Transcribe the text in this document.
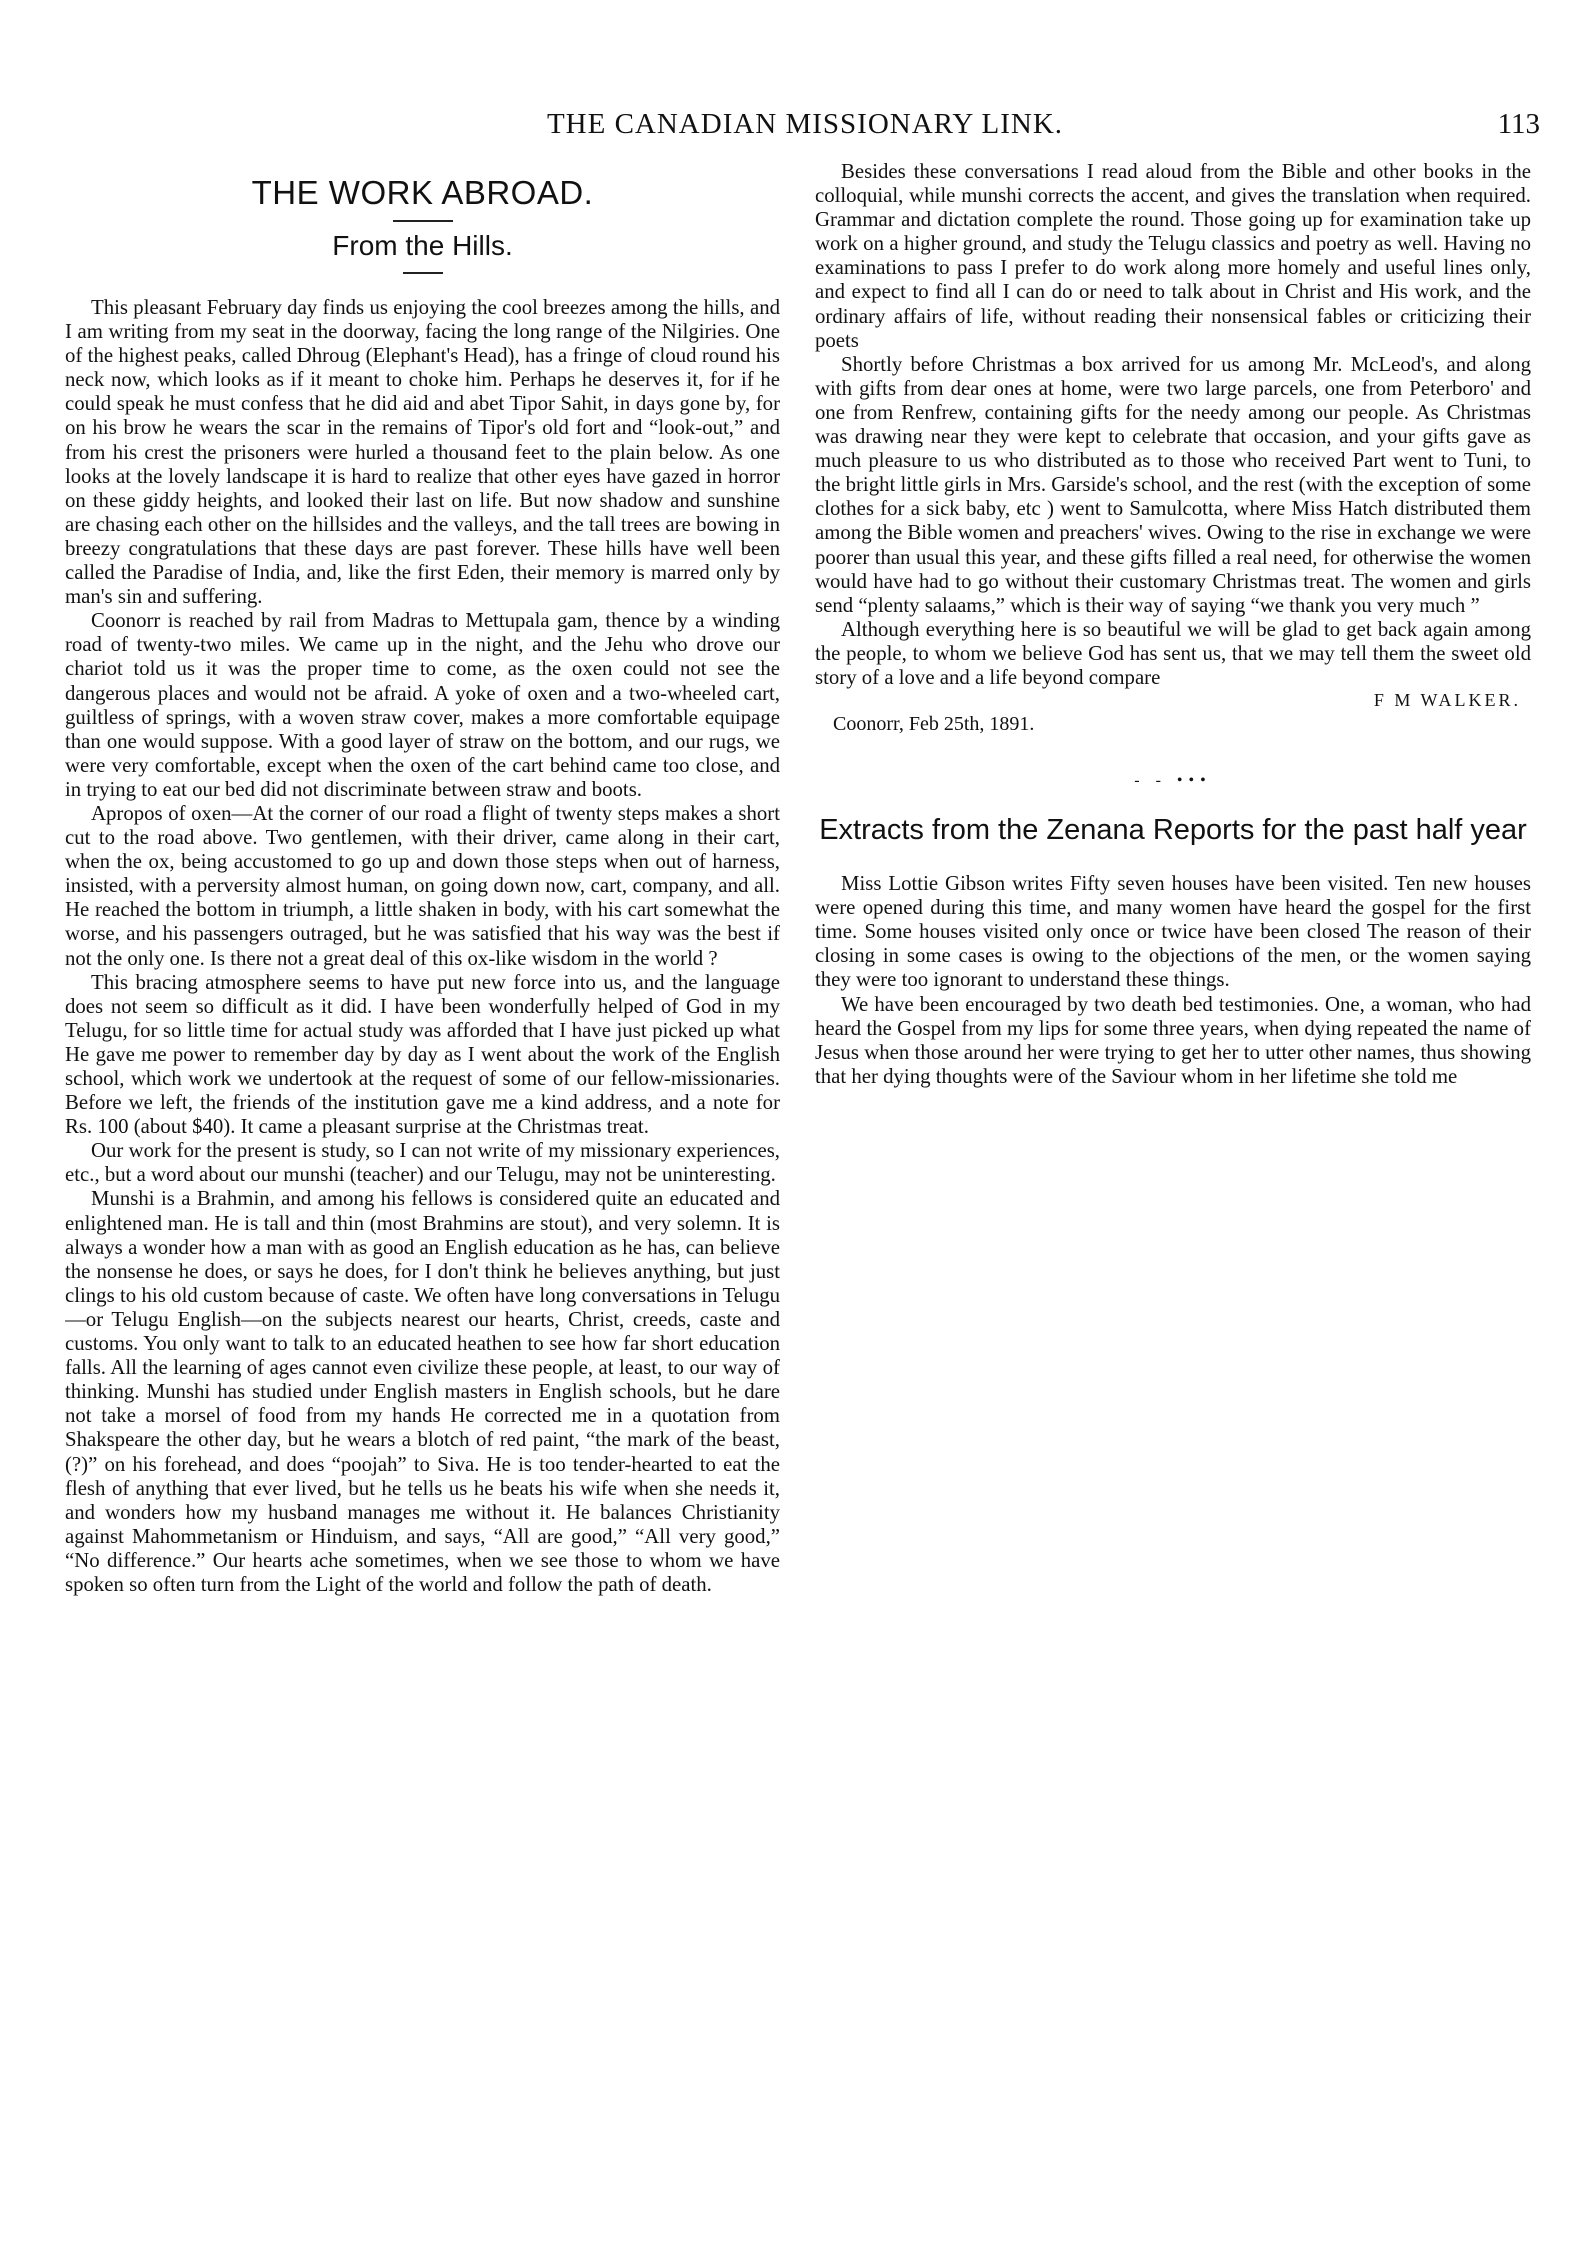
THE CANADIAN MISSIONARY LINK.	113
THE WORK ABROAD.
From the Hills.

This pleasant February day finds us enjoying the cool breezes among the hills, and I am writing from my seat in the doorway, facing the long range of the Nilgiries. One of the highest peaks, called Dhroug (Elephant's Head), has a fringe of cloud round his neck now, which looks as if it meant to choke him. Perhaps he deserves it, for if he could speak he must confess that he did aid and abet Tipor Sahit, in days gone by, for on his brow he wears the scar in the remains of Tipor's old fort and “look-out,” and from his crest the prisoners were hurled a thousand feet to the plain below. As one looks at the lovely landscape it is hard to realize that other eyes have gazed in horror on these giddy heights, and looked their last on life. But now shadow and sunshine are chasing each other on the hillsides and the valleys, and the tall trees are bowing in breezy congratulations that these days are past forever. These hills have well been called the Paradise of India, and, like the first Eden, their memory is marred only by man's sin and suffering.

Coonorr is reached by rail from Madras to Mettupala gam, thence by a winding road of twenty-two miles. We came up in the night, and the Jehu who drove our chariot told us it was the proper time to come, as the oxen could not see the dangerous places and would not be afraid. A yoke of oxen and a two-wheeled cart, guiltless of springs, with a woven straw cover, makes a more comfortable equipage than one would suppose. With a good layer of straw on the bottom, and our rugs, we were very comfortable, except when the oxen of the cart behind came too close, and in trying to eat our bed did not discriminate between straw and boots.

Apropos of oxen—At the corner of our road a flight of twenty steps makes a short cut to the road above. Two gentlemen, with their driver, came along in their cart, when the ox, being accustomed to go up and down those steps when out of harness, insisted, with a perversity almost human, on going down now, cart, company, and all. He reached the bottom in triumph, a little shaken in body, with his cart somewhat the worse, and his passengers outraged, but he was satisfied that his way was the best if not the only one. Is there not a great deal of this ox-like wisdom in the world ?

This bracing atmosphere seems to have put new force into us, and the language does not seem so difficult as it did. I have been wonderfully helped of God in my Telugu, for so little time for actual study was afforded that I have just picked up what He gave me power to remember day by day as I went about the work of the English school, which work we undertook at the request of some of our fellow-missionaries. Before we left, the friends of the institution gave me a kind address, and a note for Rs. 100 (about $40). It came a pleasant surprise at the Christmas treat.

Our work for the present is study, so I can not write of my missionary experiences, etc., but a word about our munshi (teacher) and our Telugu, may not be uninteresting.

Munshi is a Brahmin, and among his fellows is considered quite an educated and enlightened man. He is tall and thin (most Brahmins are stout), and very solemn. It is always a wonder how a man with as good an English education as he has, can believe the nonsense he does, or says he does, for I don't think he believes anything, but just clings to his old custom because of caste. We often have long conversations in Telugu—or Telugu English—on the subjects nearest our hearts, Christ, creeds, caste and customs. You only want to talk to an educated heathen to see how far short education falls. All the learning of ages cannot even civilize these people, at least, to our way of thinking. Munshi has studied under English masters in English schools, but he dare not take a morsel of food from my hands He corrected me in a quotation from Shakspeare the other day, but he wears a blotch of red paint, “the mark of the beast,(?)” on his forehead, and does “poojah” to Siva. He is too tender-hearted to eat the flesh of anything that ever lived, but he tells us he beats his wife when she needs it, and wonders how my husband manages me without it. He balances Christianity against Mahommetanism or Hinduism, and says, “All are good,” “All very good,” “No difference.” Our hearts ache sometimes, when we see those to whom we have spoken so often turn from the Light of the world and follow the path of death.

Besides these conversations I read aloud from the Bible and other books in the colloquial, while munshi corrects the accent, and gives the translation when required. Grammar and dictation complete the round. Those going up for examination take up work on a higher ground, and study the Telugu classics and poetry as well. Having no examinations to pass I prefer to do work along more homely and useful lines only, and expect to find all I can do or need to talk about in Christ and His work, and the ordinary affairs of life, without reading their nonsensical fables or criticizing their poets

Shortly before Christmas a box arrived for us among Mr. McLeod's, and along with gifts from dear ones at home, were two large parcels, one from Peterboro' and one from Renfrew, containing gifts for the needy among our people. As Christmas was drawing near they were kept to celebrate that occasion, and your gifts gave as much pleasure to us who distributed as to those who received Part went to Tuni, to the bright little girls in Mrs. Garside's school, and the rest (with the exception of some clothes for a sick baby, etc ) went to Samulcotta, where Miss Hatch distributed them among the Bible women and preachers' wives. Owing to the rise in exchange we were poorer than usual this year, and these gifts filled a real need, for otherwise the women would have had to go without their customary Christmas treat. The women and girls send “plenty salaams,” which is their way of saying “we thank you very much ”

Although everything here is so beautiful we will be glad to get back again among the people, to whom we believe God has sent us, that we may tell them the sweet old story of a love and a life beyond compare

F M WALKER.
Coonorr, Feb 25th, 1891.
- - •••
Extracts from the Zenana Reports for the past half year

Miss Lottie Gibson writes Fifty seven houses have been visited. Ten new houses were opened during this time, and many women have heard the gospel for the first time. Some houses visited only once or twice have been closed The reason of their closing in some cases is owing to the objections of the men, or the women saying they were too ignorant to understand these things.

We have been encouraged by two death bed testimonies. One, a woman, who had heard the Gospel from my lips for some three years, when dying repeated the name of Jesus when those around her were trying to get her to utter other names, thus showing that her dying thoughts were of the Saviour whom in her lifetime she told me
